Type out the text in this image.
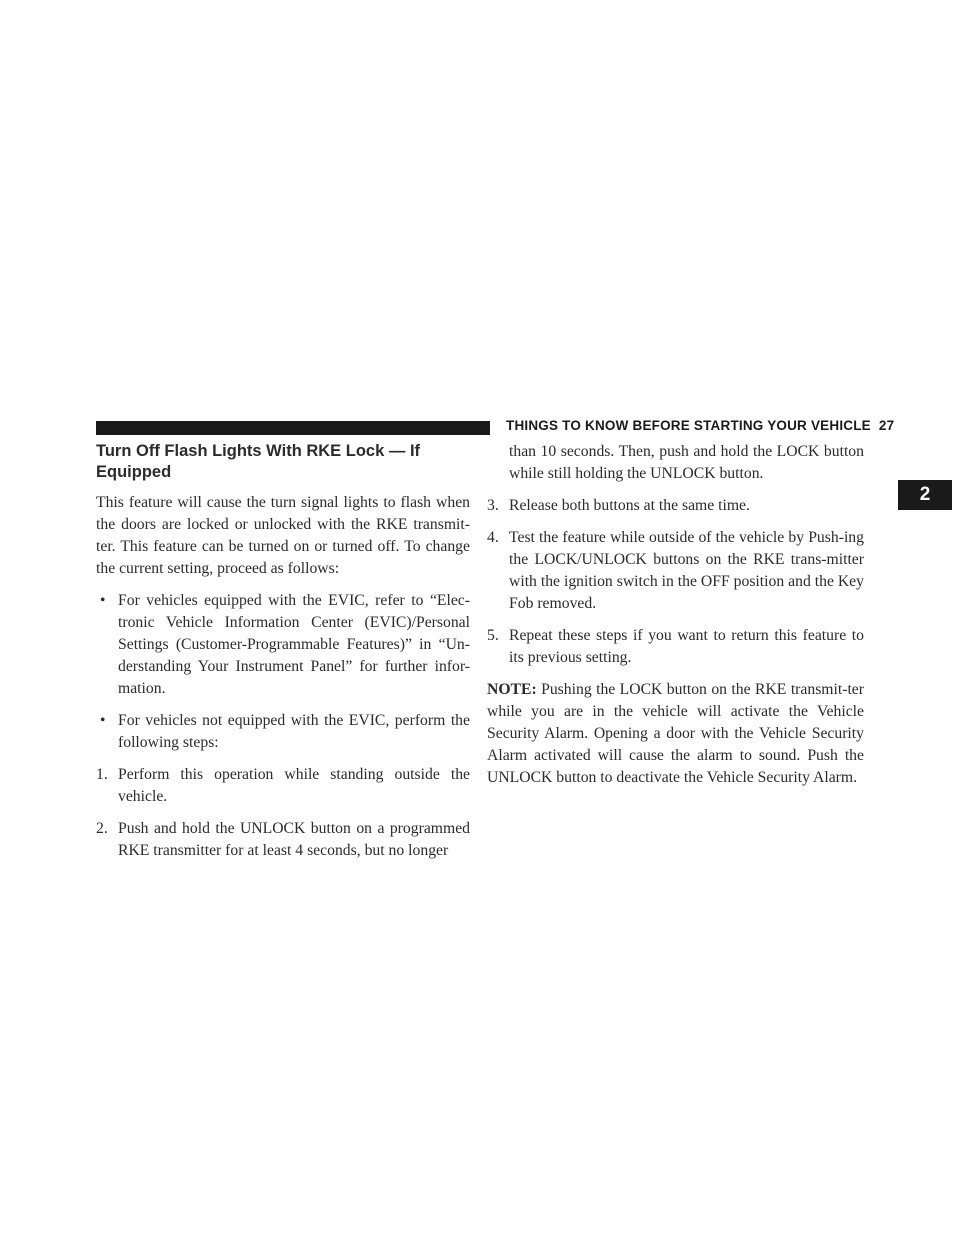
THINGS TO KNOW BEFORE STARTING YOUR VEHICLE 27
2
Turn Off Flash Lights With RKE Lock — If Equipped

This feature will cause the turn signal lights to flash when the doors are locked or unlocked with the RKE transmit-ter. This feature can be turned on or turned off. To change the current setting, proceed as follows:

• For vehicles equipped with the EVIC, refer to “Elec-tronic Vehicle Information Center (EVIC)/Personal Settings (Customer-Programmable Features)” in “Un-derstanding Your Instrument Panel” for further infor-mation.
• For vehicles not equipped with the EVIC, perform the following steps:
1. Perform this operation while standing outside the vehicle.
2. Push and hold the UNLOCK button on a programmed RKE transmitter for at least 4 seconds, but no longer
than 10 seconds. Then, push and hold the LOCK button while still holding the UNLOCK button.
3. Release both buttons at the same time.
4. Test the feature while outside of the vehicle by Push-ing the LOCK/UNLOCK buttons on the RKE trans-mitter with the ignition switch in the OFF position and the Key Fob removed.
5. Repeat these steps if you want to return this feature to its previous setting.

NOTE: Pushing the LOCK button on the RKE transmit-ter while you are in the vehicle will activate the Vehicle Security Alarm. Opening a door with the Vehicle Security Alarm activated will cause the alarm to sound. Push the UNLOCK button to deactivate the Vehicle Security Alarm.
